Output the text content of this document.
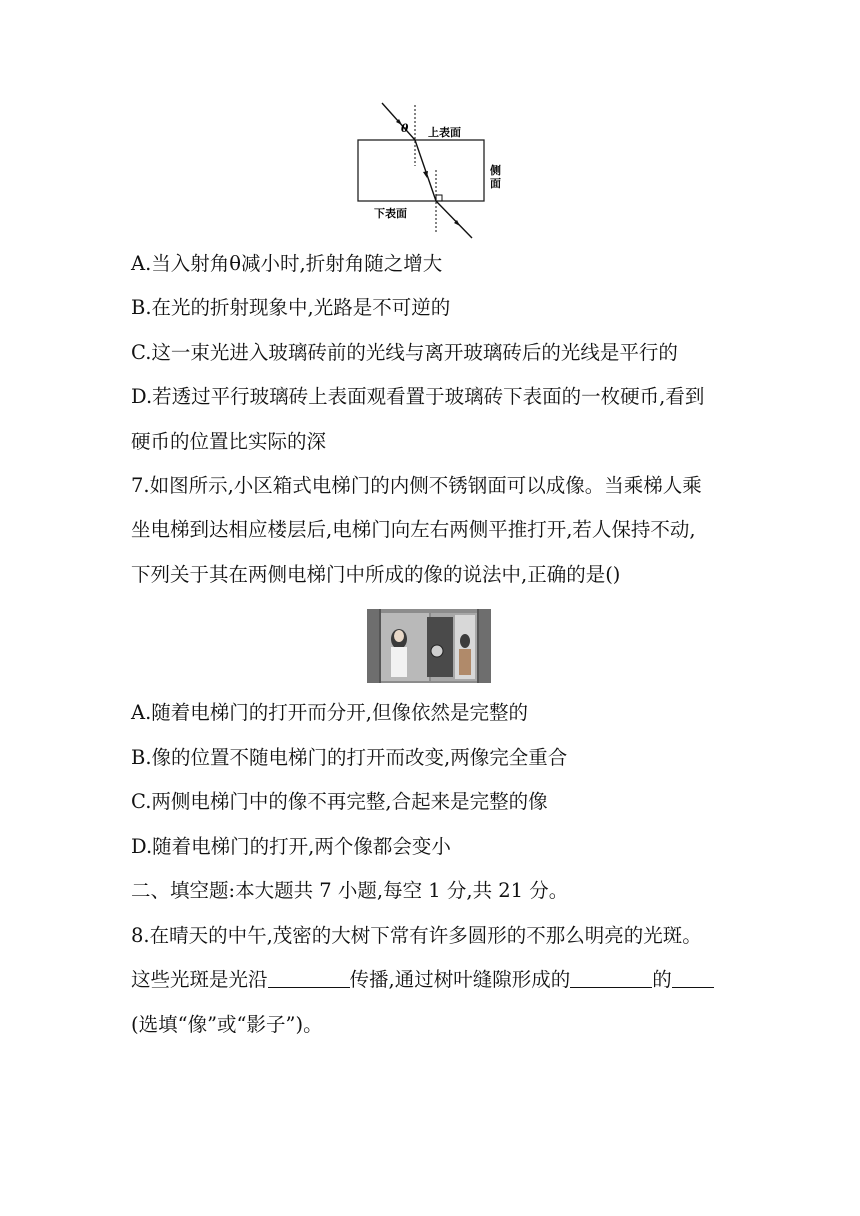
θ 上表面
侧
面
下表面
A.当入射角θ减小时,折射角随之增大
B.在光的折射现象中,光路是不可逆的
C.这一束光进入玻璃砖前的光线与离开玻璃砖后的光线是平行的
D.若透过平行玻璃砖上表面观看置于玻璃砖下表面的一枚硬币,看到
硬币的位置比实际的深
7.如图所示,小区箱式电梯门的内侧不锈钢面可以成像。当乘梯人乘
坐电梯到达相应楼层后,电梯门向左右两侧平推打开,若人保持不动,
下列关于其在两侧电梯门中所成的像的说法中,正确的是()
A.随着电梯门的打开而分开,但像依然是完整的
B.像的位置不随电梯门的打开而改变,两像完全重合
C.两侧电梯门中的像不再完整,合起来是完整的像
D.随着电梯门的打开,两个像都会变小
二、填空题:本大题共 7 小题,每空 1 分,共 21 分。
8.在晴天的中午,茂密的大树下常有许多圆形的不那么明亮的光斑。
这些光斑是光沿	传播,通过树叶缝隙形成的	的
(选填“像”或“影子”)。
